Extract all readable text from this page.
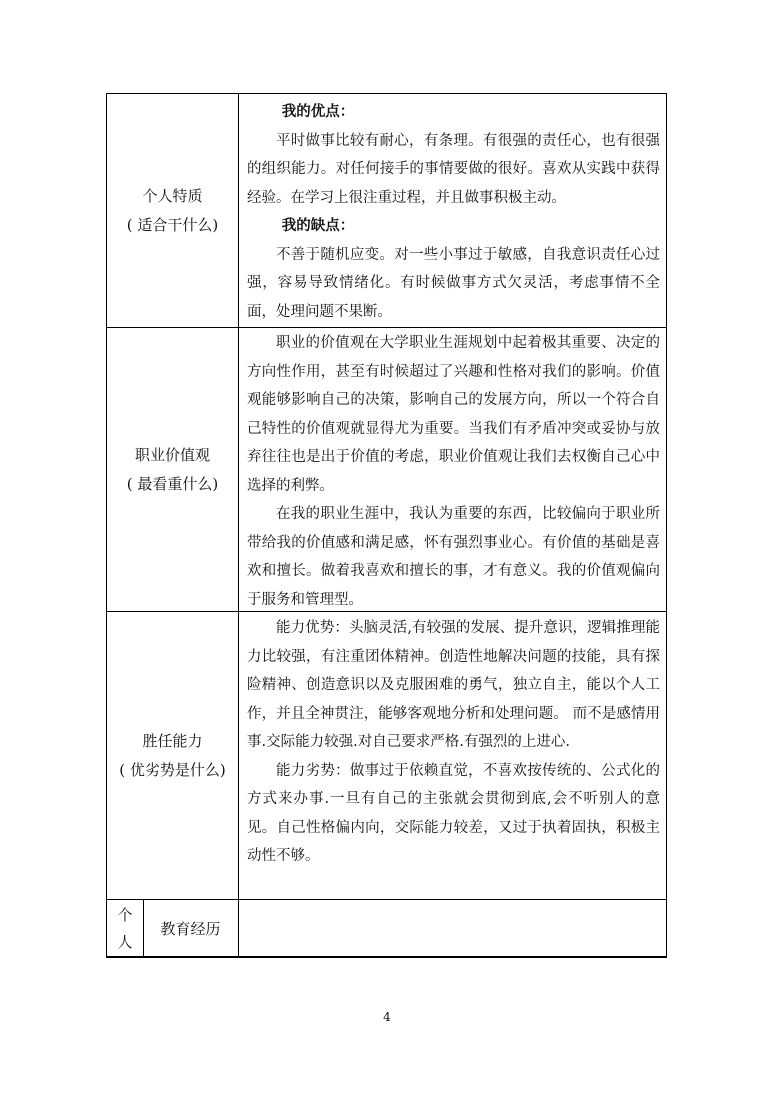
个人特质
( 适合干什么)

我的优点：

平时做事比较有耐心，有条理。有很强的责任心，也有很强的组织能力。对任何接手的事情要做的很好。喜欢从实践中获得经验。在学习上很注重过程，并且做事积极主动。

我的缺点：

不善于随机应变。对一些小事过于敏感，自我意识责任心过强，容易导致情绪化。有时候做事方式欠灵活，考虑事情不全面，处理问题不果断。

职业价值观
( 最看重什么)

职业的价值观在大学职业生涯规划中起着极其重要、决定的方向性作用，甚至有时候超过了兴趣和性格对我们的影响。价值观能够影响自己的决策，影响自己的发展方向，所以一个符合自己特性的价值观就显得尤为重要。当我们有矛盾冲突或妥协与放弃往往也是出于价值的考虑，职业价值观让我们去权衡自己心中选择的利弊。

在我的职业生涯中，我认为重要的东西，比较偏向于职业所带给我的价值感和满足感，怀有强烈事业心。有价值的基础是喜欢和擅长。做着我喜欢和擅长的事，才有意义。我的价值观偏向于服务和管理型。

胜任能力
( 优劣势是什么)

能力优势：头脑灵活,有较强的发展、提升意识，逻辑推理能力比较强，有注重团体精神。创造性地解决问题的技能，具有探险精神、创造意识以及克服困难的勇气，独立自主，能以个人工作，并且全神贯注，能够客观地分析和处理问题。 而不是感情用事.交际能力较强.对自己要求严格.有强烈的上进心.

能力劣势：做事过于依赖直觉，不喜欢按传统的、公式化的方式来办事.一旦有自己的主张就会贯彻到底,会不听别人的意见。自己性格偏内向，交际能力较差，又过于执着固执，积极主动性不够。

个
人
教育经历
4
